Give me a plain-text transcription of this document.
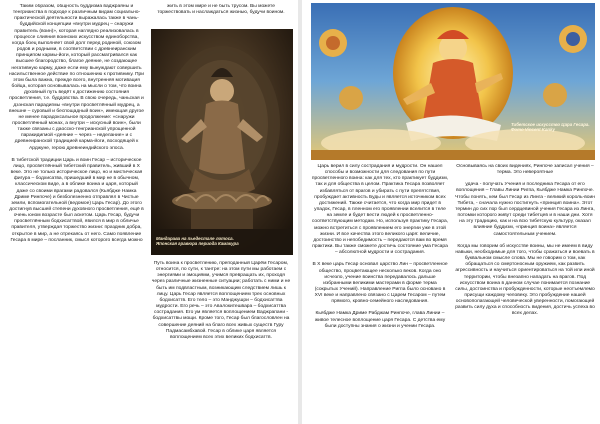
Таким образом, общность буддизма ваджраяны и тенгрианства в подходе к различным видам социально-практической деятельности выражалась также в чань-буддийской концепции «внутри мудрец – снаружи правитель (воин)», которая наглядно реализовалась в процессе слияния воинских искусством единоборства, когда боец выполняет свой долг перед родиной, союзом родов и родными, в соответствии с древнеиранским принципом кармы-йоги, который рассматривался как высшее благородство, благое деяние, не создающее негативную карму, даже если ему вынуждают совершить насильственное действие по отношению к противнику. При этом была важна, прежде всего, внутренняя мотивация бойца, которая основывалась на мысли о том, что воина духовный путь ведёт к достижению состояния просветления, т.е. буддовства. В свою очередь, чаньская и дзэнская парадигмы «внутри просветлённый мудрец, а внешне – суровый и беспощадный воин», имеющая другое не менее парадоксальное продолжение: «снаружи просветлённый монах, а внутри – искусный воин», были также связаны с даосско-тенгрианской упрощенной паракидигмой «деяние – через – неделание» и с древнеиранской традицией карма-йоги, восходящей к Арджуне, герою древнеиндийского эпоса.

В тибетской традиции Царь и воин Гесар – историческое лицо, просветлённый тибетский правитель, живший в X веке. Это не только историческое лицо, но и мистическая фигура – бодхисатва, пришедший в мир не в обычном, классическом виде, а в облике воина и царя, который даже со своими врагами радовался (Кьябдже Намка Дриме Ринпоче) и безболезненно отправлял в Чистые земли, вспомогательной (ведомое) Царь Гесар). До этого достигнув высшей степени духовного просветления, ещё в очень юном возрасте был аскетом. Царь Гесар, будучи просветлённым бодхисаттвой, явился в мир в обличье правителя, утверждая торжество жизни: праздник добра, открытое в мир, а не отрекаясь от него. Само появление Гесара в мире – посланник, смысл которого всегда можно

жить в этом мире и не быть трусом. Вы можете торжествовать и наслаждаться жизнью, будучи воином.

Мандарава на пьедестале лотоса.
Японская гравюра периода Камакура

Путь воина к просветлению, преподанный Царём Гесаром, относится, по сути, к тантре: на этом пути мы работаем с энергиями и эмоциями, учимся превращать их, проходя через различные жизненные ситуации; работать с ними и не быть им подвластным, возникающим следствием лишь к лицу. Царь Гесар является воплощением трех основных бодхисаттв. Его тело – это Манджушри – бодхисаттва мудрости. Его речь – это Авалокитешвара – бодхисаттва сострадания. Его ум является воплощением Ваджрапани - бодхисаттвы мощи. Кроме того, Гесар был благословлен на совершение деяний на благо всех живых существ Гуру Падмасамбхавой. Гесар в облике царя является воплощением всех этих великих бодхисаттв.

Тибетское искусство Цара Гесара.
Фото Vincent Kanky

Царь верил в силу сострадания и мудрости. Он нашел способы и возможности для следования по пути просветленного воина: как для тех, кто практикует буддизм, так и для общества в целом. Практика Гесара позволяет избавляться от врагов и убирать с пути препятствия, пробуждает активность Буды и является источником всех достижений. Также считается, что когда мир придет в упадок, Гесар, в пленном его проявлении вселится в теле на земле и будет вести людей к просветленно-соответствующим методам. Но, используя практику Гесара, можно встретиться с проявлением его энергии уже в этой жизни. И все качества этого великого царя: величие, достоинство и непобедимость – передаются вам во время практики. Вы также сможете достичь состояние ума Гесара – абсолютной мудрости и сострадания.

В X веке царь Гесар основал царство Лин – просветленное общество, процветающее несколько веков. Когда оно исчезло, учение воинства передавалось дальше избранными великими мастерами в форме терма (сокрытых Учений). Направление Ригпа было основано в XVI веке и направлено связано с Царем Гесаром – путем прямого, кровно-семейного наследования.

Кьябдже Намка Дриме Рабджам Ринпоче, глава Линии – живое телесное воплощение царя Гесара. С детства ему были доступны знания о жизни и учении Гесара.

Основываясь на своих видениях, Ринпоче записал учения – терма. Это невероятные

удача - получать Учения и последника Гесара от его воплощения – Главы Линии Ригпа, Кьябдже Намка Ринпоче. Чтобы понять, кем был Гесар из Линга - великий король-воин Тибета, - сначала нужно постигнуть «принцип воина». Этот термин до сих пор был сердцевиной учения Гесара из Линга, потомки которого живут среди тибетцев и в наши дни. Хотя на эту традицию, как и на всю тибетскую культуру, оказал влияние буддизм, «принцип воина» является самостоятельным учением.

Когда мы говорим об искусстве воины, мы не имеем в виду навыки, необходимые для того, чтобы сражаться и воевать в буквальном смысле слова. Мы не говорим о том, как обращаться со смертоносным оружием, как развить агрессивность и научиться ориентироваться на той или иной территории, чтобы внезапно нападать на врагов. Под искусством воина в данном случае понимается познание силы, достоинства и пробужденности, которые неотъемлемо присущи каждому человеку. Это пробуждение нашей основополагающей человеческой уверенности, помогающей развить силу духа и способность видения, достичь успеха во всех делах.
